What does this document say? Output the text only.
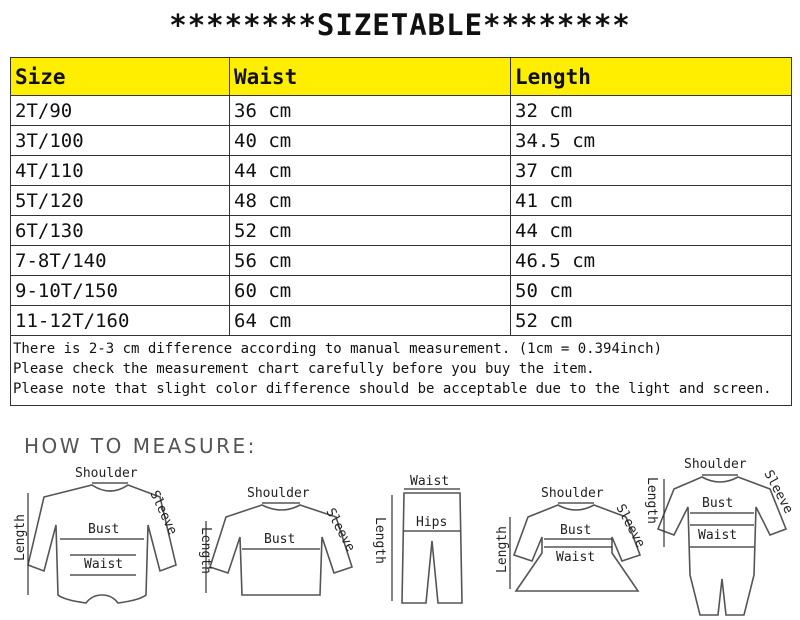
********SIZETABLE********
Size	Waist	Length
2T/90	36 cm	32 cm
3T/100	40 cm	34.5 cm
4T/110	44 cm	37 cm
5T/120	48 cm	41 cm
6T/130	52 cm	44 cm
7-8T/140	56 cm	46.5 cm
9-10T/150	60 cm	50 cm
11-12T/160	64 cm	52 cm

There is 2-3 cm difference according to manual measurement. (1cm = 0.394inch)
Please check the measurement chart carefully before you buy the item.
Please note that slight color difference should be acceptable due to the light and screen.		
HOW TO MEASURE:
Shoulder
Sleeve
Length	Bust
Waist
Shoulder
Sleeve
Bust
Length
Waist
Hips
Length
Shoulder
Sleeve
Bust
Waist
Length
Shoulder
Sleeve
Bust
Waist
Length
